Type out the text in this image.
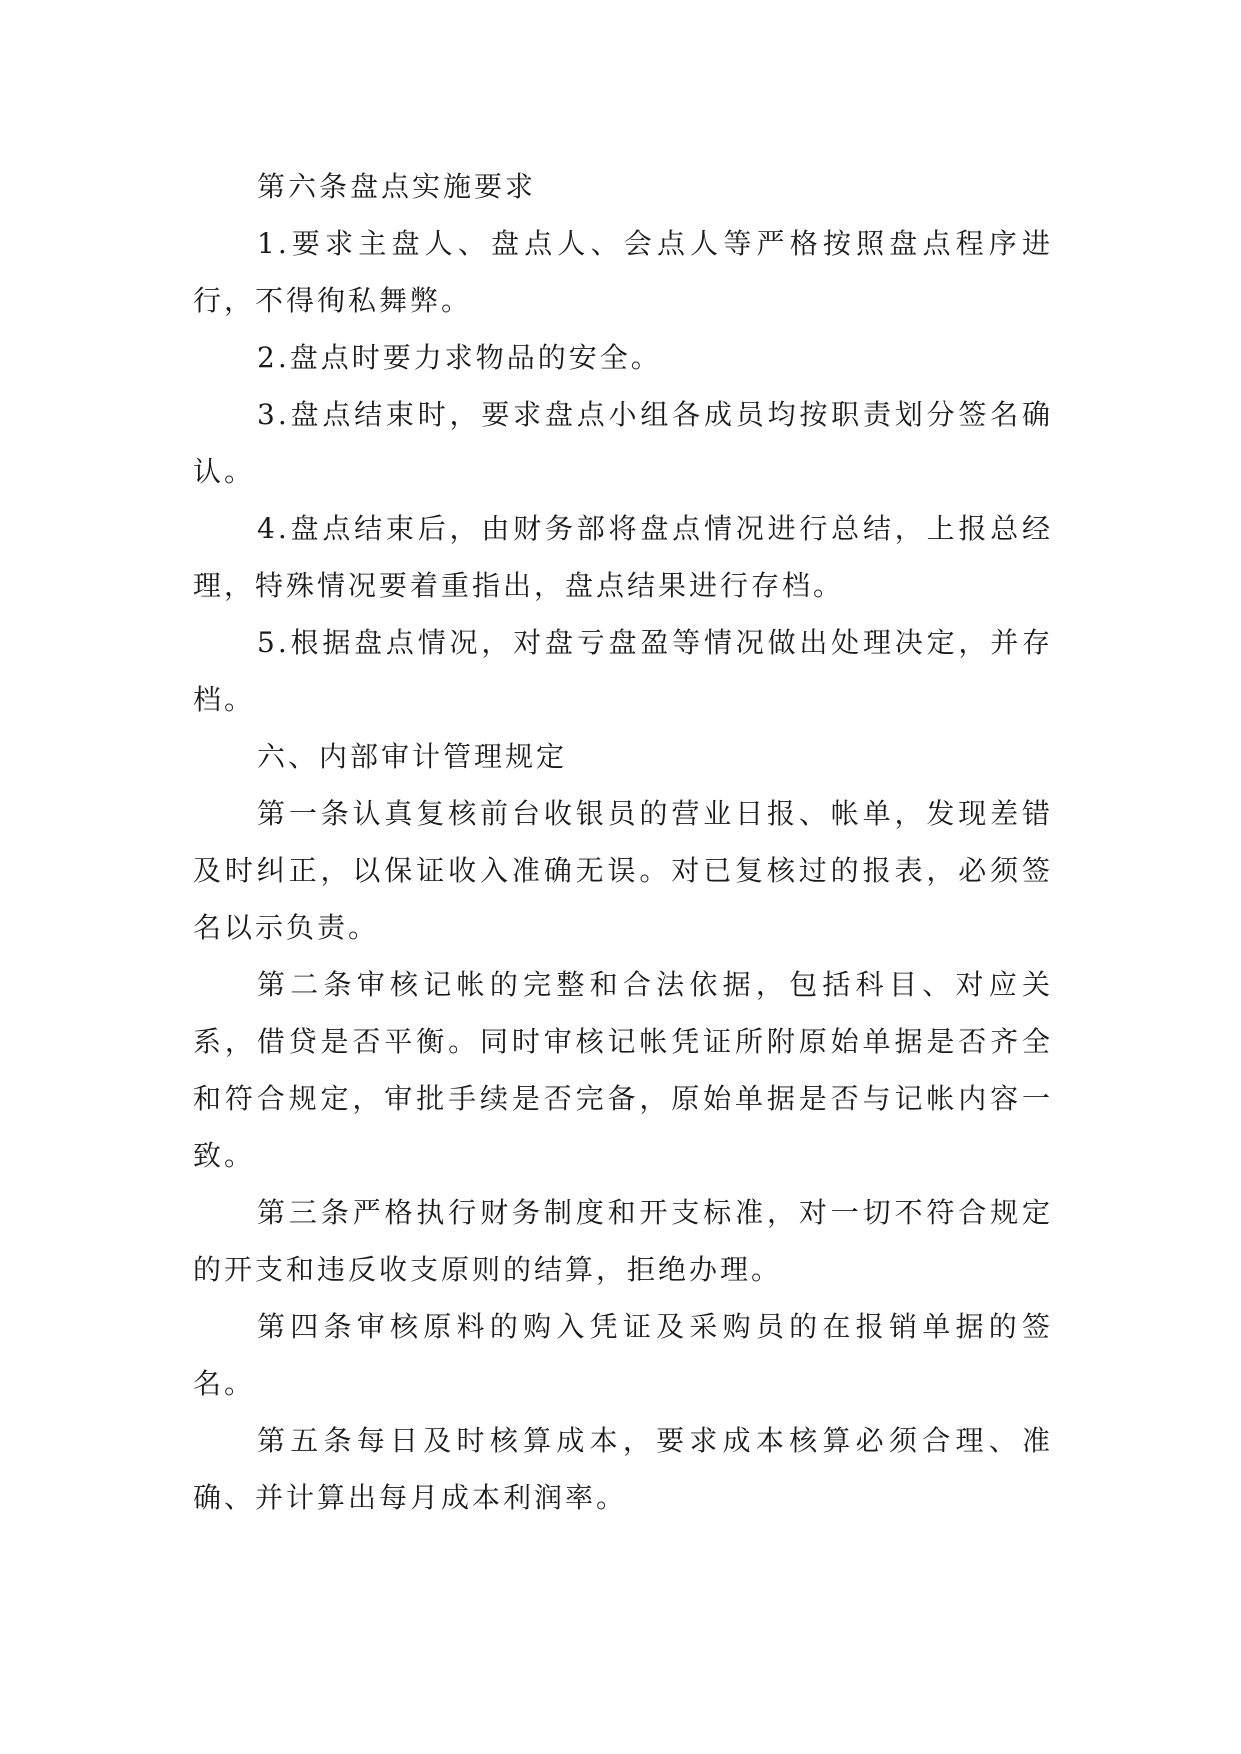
第六条盘点实施要求

1.要求主盘人、盘点人、会点人等严格按照盘点程序进行，不得徇私舞弊。

2.盘点时要力求物品的安全。

3.盘点结束时，要求盘点小组各成员均按职责划分签名确认。

4.盘点结束后，由财务部将盘点情况进行总结，上报总经理，特殊情况要着重指出，盘点结果进行存档。

5.根据盘点情况，对盘亏盘盈等情况做出处理决定，并存档。

六、内部审计管理规定

第一条认真复核前台收银员的营业日报、帐单，发现差错及时纠正，以保证收入准确无误。对已复核过的报表，必须签名以示负责。

第二条审核记帐的完整和合法依据，包括科目、对应关系，借贷是否平衡。同时审核记帐凭证所附原始单据是否齐全和符合规定，审批手续是否完备，原始单据是否与记帐内容一致。

第三条严格执行财务制度和开支标准，对一切不符合规定的开支和违反收支原则的结算，拒绝办理。

第四条审核原料的购入凭证及采购员的在报销单据的签名。

第五条每日及时核算成本，要求成本核算必须合理、准确、并计算出每月成本利润率。
